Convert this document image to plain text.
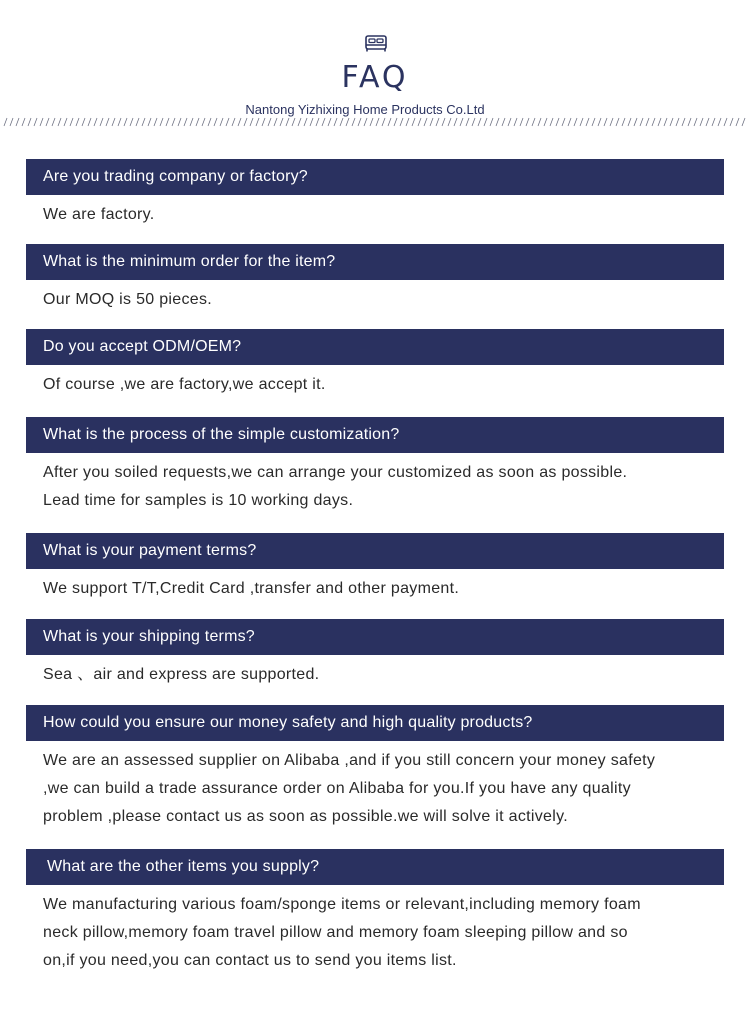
FAQ
Nantong Yizhixing Home Products Co.Ltd
Are you trading company or factory?

We are factory.

What is the minimum order for the item?

Our MOQ is 50 pieces.

Do you accept ODM/OEM?

Of course ,we are factory,we accept it.

What is the process of the simple customization?

After you soiled requests,we can arrange your customized as soon as possible.

Lead time for samples is 10 working days.

What is your payment terms?

We support T/T,Credit Card ,transfer and other payment.

What is your shipping terms?

Sea 、air and express are supported.

How could you ensure our money safety and high quality products?

We are an assessed supplier on Alibaba ,and if you still concern your money safety

,we can build a trade assurance order on Alibaba for you.If you have any quality

problem ,please contact us as soon as possible.we will solve it actively.

What are the other items you supply?

We manufacturing various foam/sponge items or relevant,including memory foam

neck pillow,memory foam travel pillow and memory foam sleeping pillow and so

on,if you need,you can contact us to send you items list.
